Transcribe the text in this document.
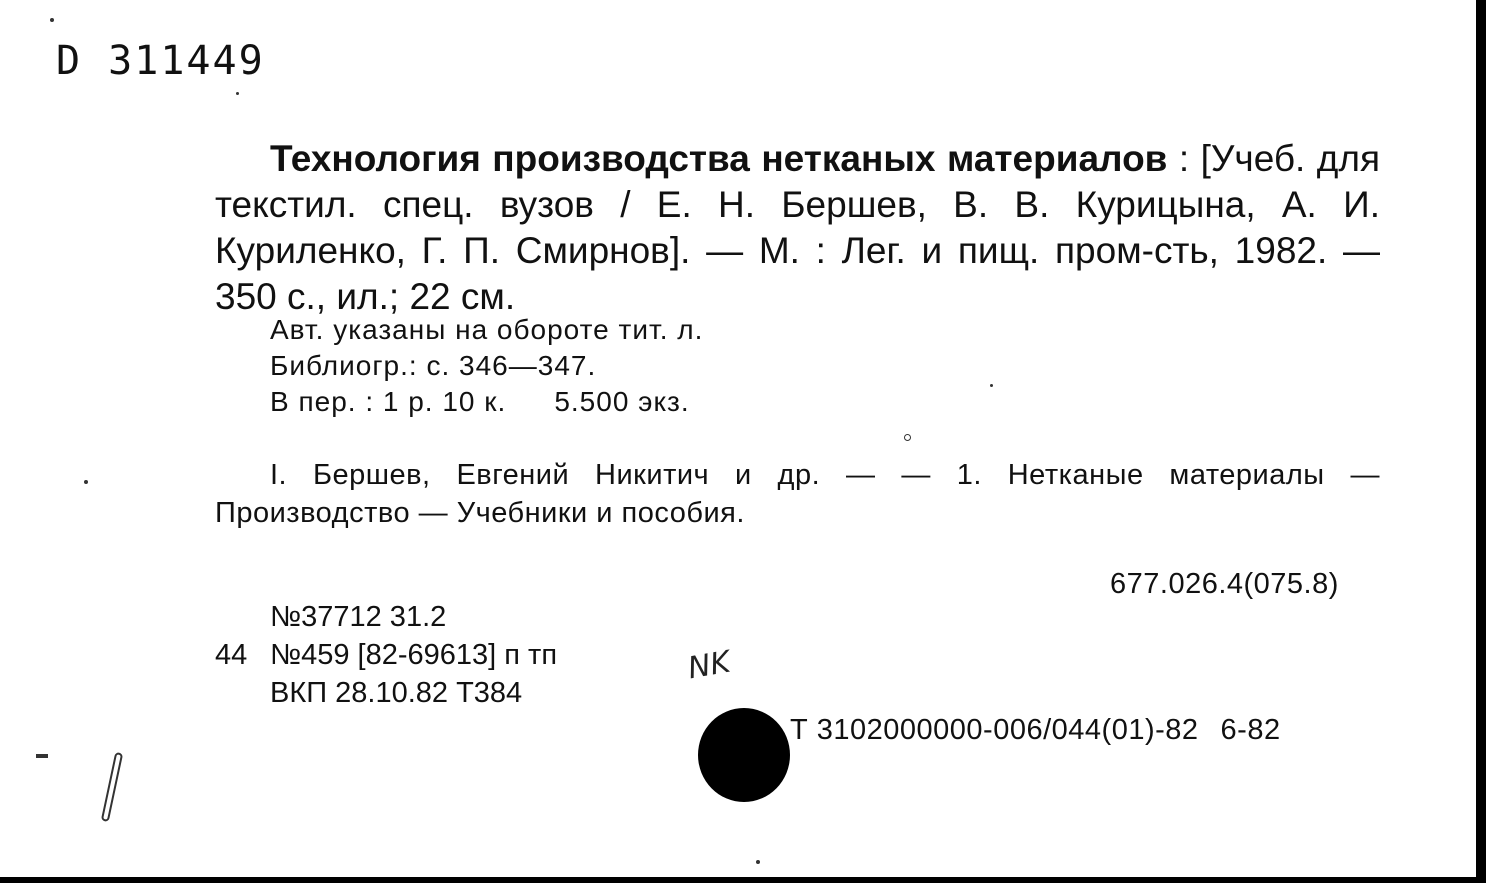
D 311449
Технология производства нетканых материалов : [Учеб. для текстил. спец. вузов / Е. Н. Бершев, В. В. Курицына, А. И. Куриленко, Г. П. Смирнов]. — М. : Лег. и пищ. пром-сть, 1982. — 350 с., ил.; 22 см.
Авт. указаны на обороте тит. л.
Библиогр.: с. 346—347.
В пер. : 1 р. 10 к. 5.500 экз.
I. Бершев, Евгений Никитич и др. — — 1. Нетканые материалы — Производство — Учебники и пособия.
677.026.4(075.8)
№37712 31.2
44 №459 [82-69613] п тп
ВКП 28.10.82 Т384
NK
Т 3102000000-006/044(01)-82 6-82
